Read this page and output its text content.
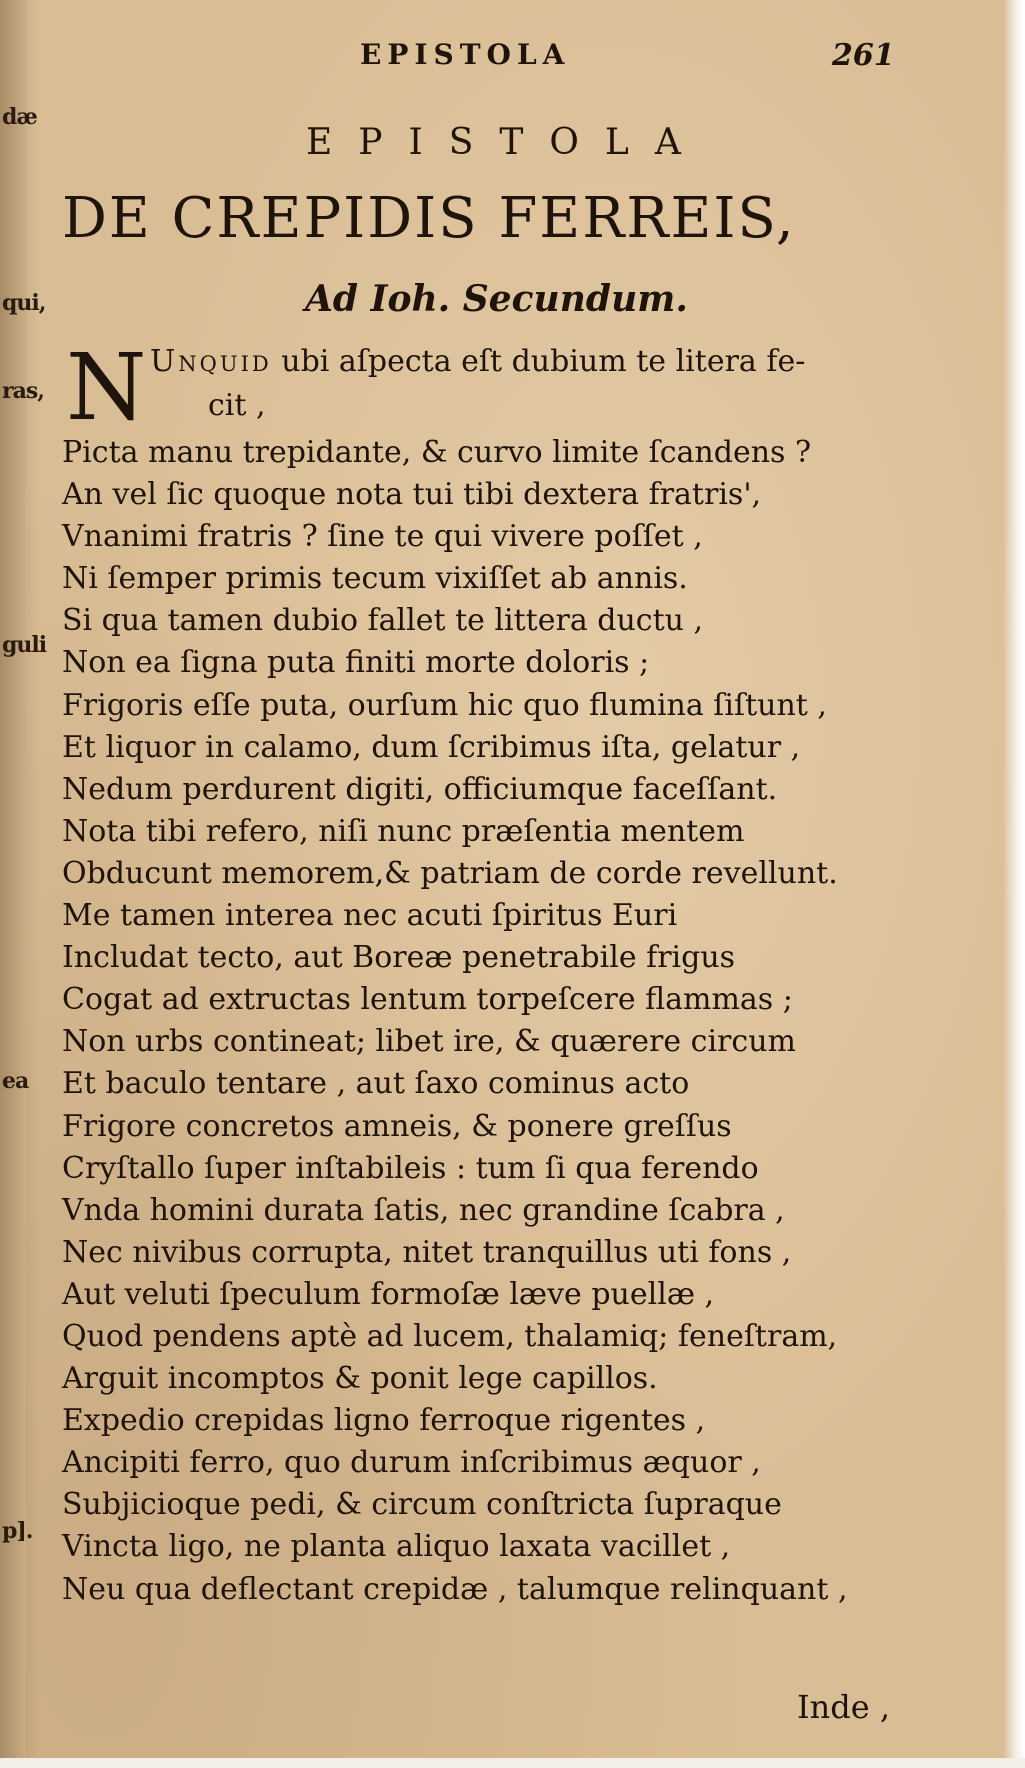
dæ
qui,
ras,
guli
ea
p].
EPISTOLA	261
EPISTOLA
DE CREPIDIS FERREIS,
Ad Ioh. Secundum.
N Unquid ubi aſpecta eſt dubium te litera fe-
cit ,
Picta manu trepidante, & curvo limite ſcandens ?
An vel ſic quoque nota tui tibi dextera fratris',
Vnanimi fratris ? ſine te qui vivere poſſet ,
Ni ſemper primis tecum vixiſſet ab annis.
Si qua tamen dubio fallet te littera ductu ,
Non ea ſigna puta finiti morte doloris ;
Frigoris eſſe puta, ourſum hic quo flumina ſiſtunt ,
Et liquor in calamo, dum ſcribimus iſta, gelatur ,
Nedum perdurent digiti, officiumque faceſſant.
Nota tibi refero, niſi nunc præſentia mentem
Obducunt memorem,& patriam de corde revellunt.
Me tamen interea nec acuti ſpiritus Euri
Includat tecto, aut Boreæ penetrabile frigus
Cogat ad extructas lentum torpeſcere flammas ;
Non urbs contineat; libet ire, & quærere circum
Et baculo tentare , aut ſaxo cominus acto
Frigore concretos amneis, & ponere greſſus
Cryſtallo ſuper inſtabileis : tum ſi qua ferendo
Vnda homini durata ſatis, nec grandine ſcabra ,
Nec nivibus corrupta, nitet tranquillus uti fons ,
Aut veluti ſpeculum formoſæ læve puellæ ,
Quod pendens aptè ad lucem, thalamiq; feneſtram,
Arguit incomptos & ponit lege capillos.
Expedio crepidas ligno ferroque rigentes ,
Ancipiti ferro, quo durum inſcribimus æquor ,
Subjicioque pedi, & circum conſtricta ſupraque
Vincta ligo, ne planta aliquo laxata vacillet ,
Neu qua deflectant crepidæ , talumque relinquant ,
Inde ,
